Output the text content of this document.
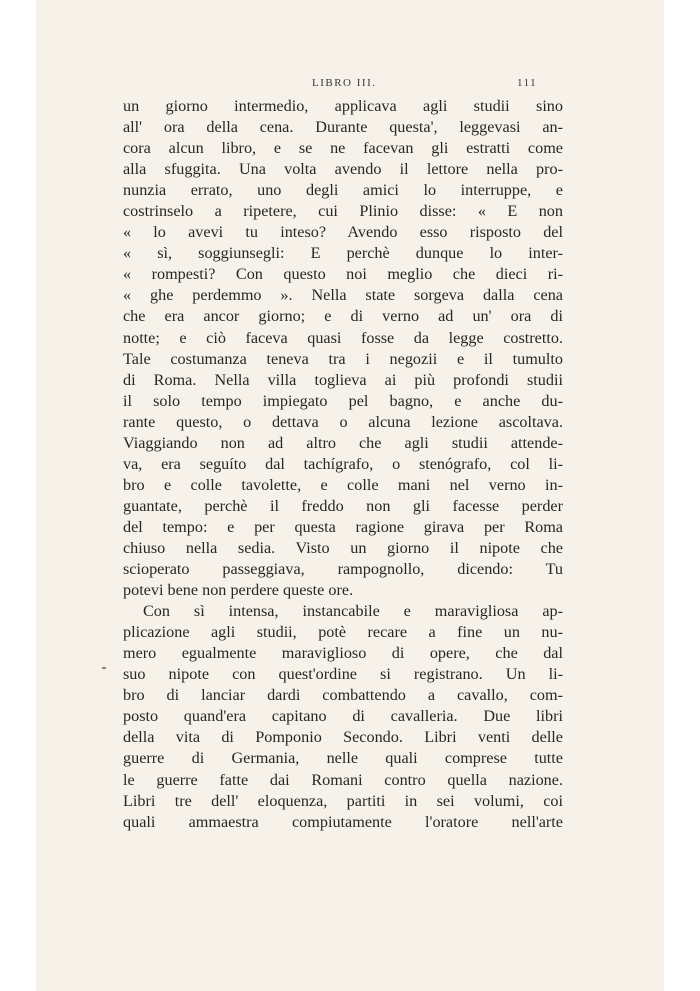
LIBRO III.	111
un giorno intermedio, applicava agli studii sino
all' ora della cena. Durante questa', leggevasi an-
cora alcun libro, e se ne facevan gli estratti come
alla sfuggita. Una volta avendo il lettore nella pro-
nunzia errato, uno degli amici lo interruppe, e
costrinselo a ripetere, cui Plinio disse: « E non
« lo avevi tu inteso? Avendo esso risposto del
« sì, soggiunsegli: E perchè dunque lo inter-
« rompesti? Con questo noi meglio che dieci ri-
« ghe perdemmo ». Nella state sorgeva dalla cena
che era ancor giorno; e di verno ad un' ora di
notte; e ciò faceva quasi fosse da legge costretto.
Tale costumanza teneva tra i negozii e il tumulto
di Roma. Nella villa toglieva ai più profondi studii
il solo tempo impiegato pel bagno, e anche du-
rante questo, o dettava o alcuna lezione ascoltava.
Viaggiando non ad altro che agli studii attende-
va, era seguíto dal tachígrafo, o stenógrafo, col li-
bro e colle tavolette, e colle mani nel verno in-
guantate, perchè il freddo non gli facesse perder
del tempo: e per questa ragione girava per Roma
chiuso nella sedia. Visto un giorno il nipote che
scioperato passeggiava, rampognollo, dicendo: Tu
potevi bene non perdere queste ore.
Con sì intensa, instancabile e maravigliosa ap-
plicazione agli studii, potè recare a fine un nu-
mero egualmente maraviglioso di opere, che dal
suo nipote con quest'ordine si registrano. Un li-
bro di lanciar dardi combattendo a cavallo, com-
posto quand'era capitano di cavalleria. Due libri
della vita di Pomponio Secondo. Libri venti delle
guerre di Germania, nelle quali comprese tutte
le guerre fatte dai Romani contro quella nazione.
Libri tre dell' eloquenza, partiti in sei volumi, coi
quali ammaestra compiutamente l'oratore nell'arte
